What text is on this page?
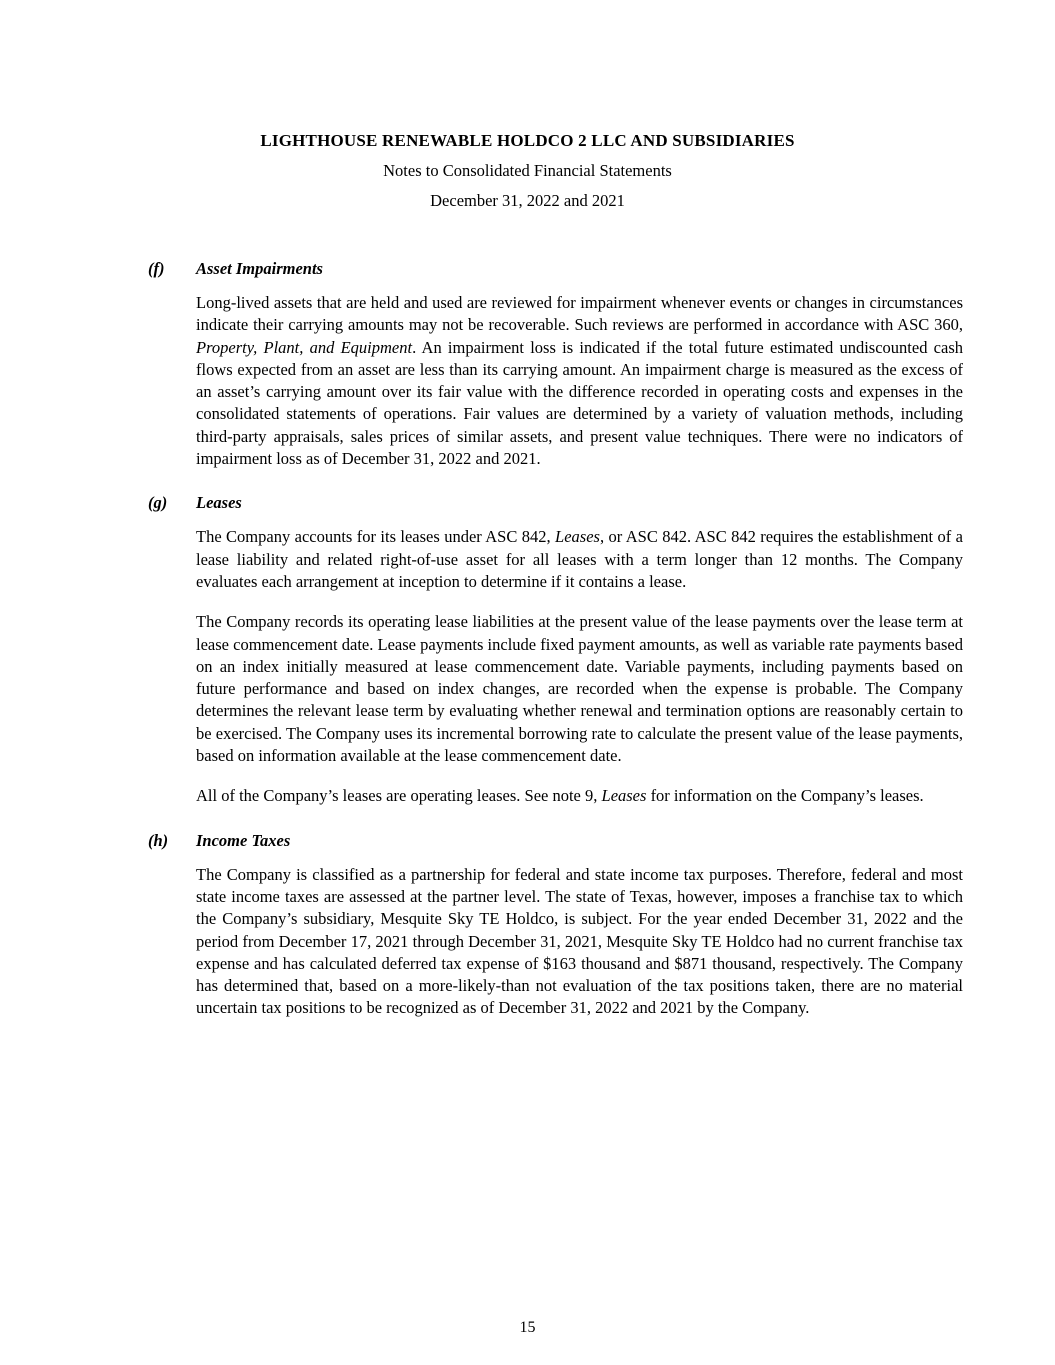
LIGHTHOUSE RENEWABLE HOLDCO 2 LLC AND SUBSIDIARIES
Notes to Consolidated Financial Statements
December 31, 2022 and 2021
(f)	Asset Impairments

Long-lived assets that are held and used are reviewed for impairment whenever events or changes in circumstances indicate their carrying amounts may not be recoverable. Such reviews are performed in accordance with ASC 360, Property, Plant, and Equipment. An impairment loss is indicated if the total future estimated undiscounted cash flows expected from an asset are less than its carrying amount. An impairment charge is measured as the excess of an asset’s carrying amount over its fair value with the difference recorded in operating costs and expenses in the consolidated statements of operations. Fair values are determined by a variety of valuation methods, including third-party appraisals, sales prices of similar assets, and present value techniques. There were no indicators of impairment loss as of December 31, 2022 and 2021.

(g)	Leases

The Company accounts for its leases under ASC 842, Leases, or ASC 842. ASC 842 requires the establishment of a lease liability and related right-of-use asset for all leases with a term longer than 12 months. The Company evaluates each arrangement at inception to determine if it contains a lease.

The Company records its operating lease liabilities at the present value of the lease payments over the lease term at lease commencement date. Lease payments include fixed payment amounts, as well as variable rate payments based on an index initially measured at lease commencement date. Variable payments, including payments based on future performance and based on index changes, are recorded when the expense is probable. The Company determines the relevant lease term by evaluating whether renewal and termination options are reasonably certain to be exercised. The Company uses its incremental borrowing rate to calculate the present value of the lease payments, based on information available at the lease commencement date.

All of the Company’s leases are operating leases. See note 9, Leases for information on the Company’s leases.

(h)	Income Taxes

The Company is classified as a partnership for federal and state income tax purposes. Therefore, federal and most state income taxes are assessed at the partner level. The state of Texas, however, imposes a franchise tax to which the Company’s subsidiary, Mesquite Sky TE Holdco, is subject. For the year ended December 31, 2022 and the period from December 17, 2021 through December 31, 2021, Mesquite Sky TE Holdco had no current franchise tax expense and has calculated deferred tax expense of $163 thousand and $871 thousand, respectively. The Company has determined that, based on a more-likely-than not evaluation of the tax positions taken, there are no material uncertain tax positions to be recognized as of December 31, 2022 and 2021 by the Company.

15
